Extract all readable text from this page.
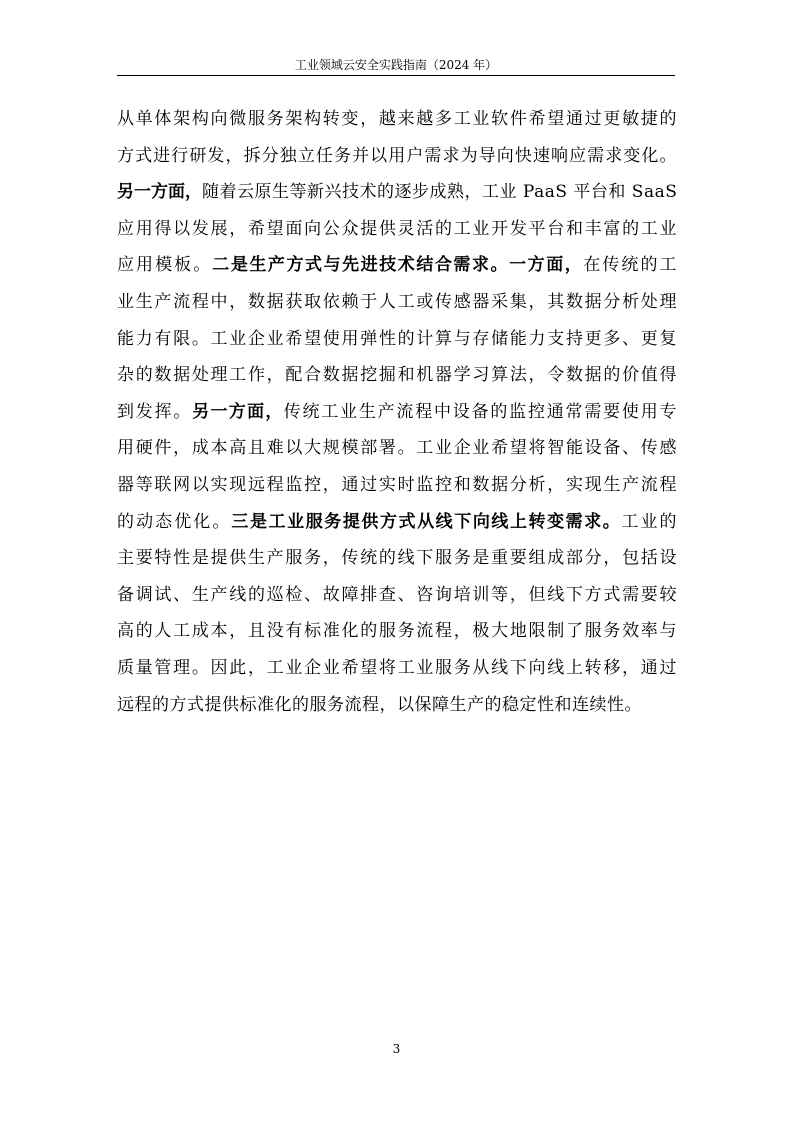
工业领域云安全实践指南（2024 年）
从单体架构向微服务架构转变，越来越多工业软件希望通过更敏捷的
方式进行研发，拆分独立任务并以用户需求为导向快速响应需求变化。
另一方面，随着云原生等新兴技术的逐步成熟，工业 PaaS 平台和 SaaS
应用得以发展，希望面向公众提供灵活的工业开发平台和丰富的工业
应用模板。二是生产方式与先进技术结合需求。一方面，在传统的工
业生产流程中，数据获取依赖于人工或传感器采集，其数据分析处理
能力有限。工业企业希望使用弹性的计算与存储能力支持更多、更复
杂的数据处理工作，配合数据挖掘和机器学习算法，令数据的价值得
到发挥。另一方面，传统工业生产流程中设备的监控通常需要使用专
用硬件，成本高且难以大规模部署。工业企业希望将智能设备、传感
器等联网以实现远程监控，通过实时监控和数据分析，实现生产流程
的动态优化。三是工业服务提供方式从线下向线上转变需求。工业的
主要特性是提供生产服务，传统的线下服务是重要组成部分，包括设
备调试、生产线的巡检、故障排查、咨询培训等，但线下方式需要较
高的人工成本，且没有标准化的服务流程，极大地限制了服务效率与
质量管理。因此，工业企业希望将工业服务从线下向线上转移，通过
远程的方式提供标准化的服务流程，以保障生产的稳定性和连续性。
3
